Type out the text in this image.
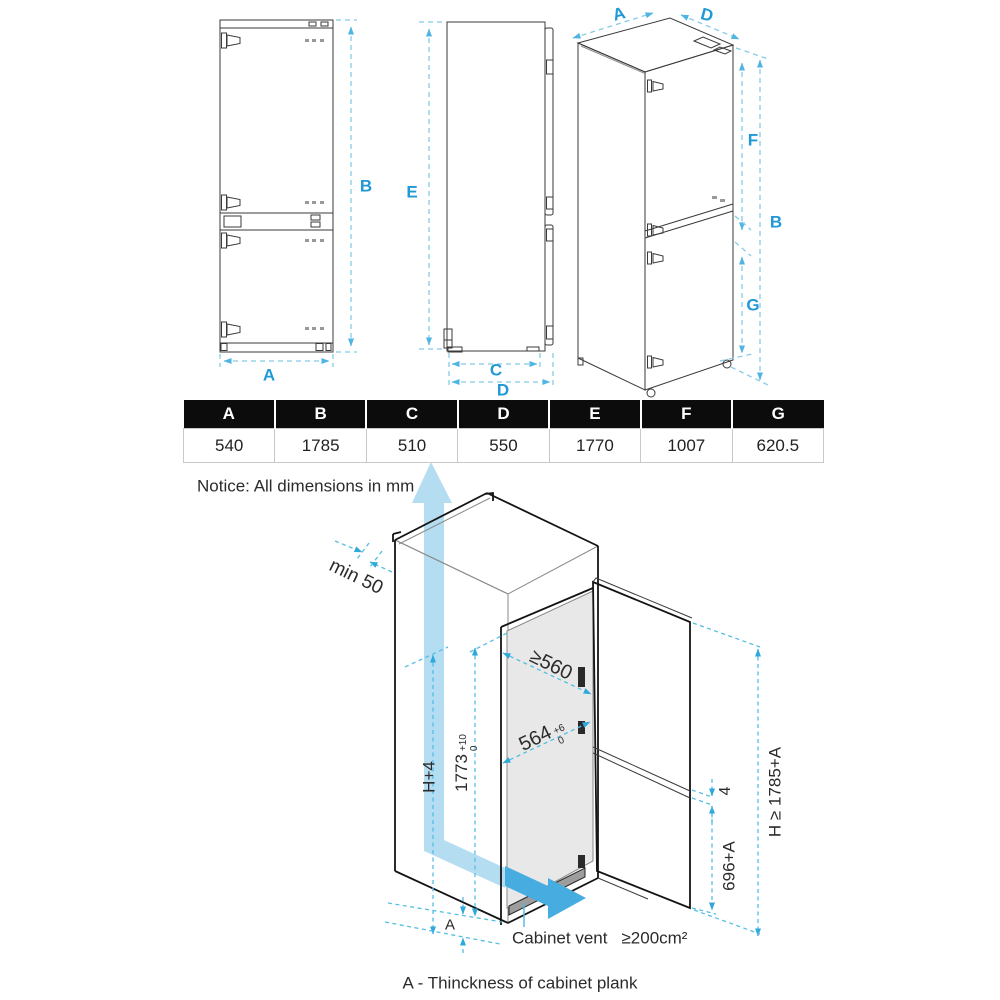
B
A
E
C
D
A	D
F
B
G
A	B	C	D	E	F	G
540	1785	510	550	1770	1007	620.5
Notice: All dimensions in mm
min 50
H+4 1773
+10 0
≥560
564
+6
0
4
696+A
H ≥ 1785+A
A
Cabinet vent ≥200cm²
A - Thinckness of cabinet plank
